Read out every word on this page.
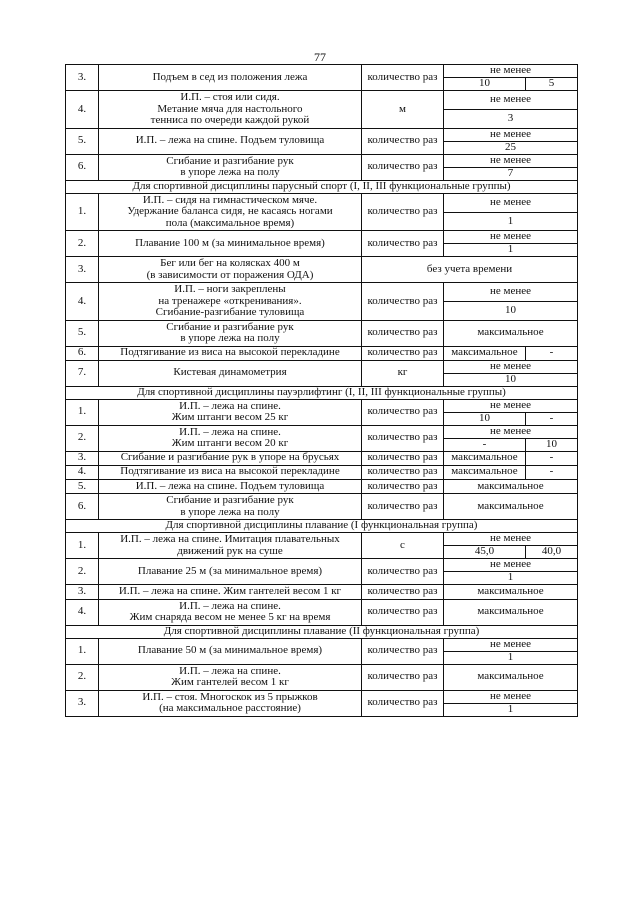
77
3.	Подъем в сед из положения лежа	количество раз	не менее	
			10	5
4.	И.П. – стоя или сидя.
Метание мяча для настольного
тенниса по очереди каждой рукой	м	не менее	
			3	
5.	И.П. – лежа на спине. Подъем туловища	количество раз	не менее	
			25	
6.	Сгибание и разгибание рук
в упоре лежа на полу	количество раз	не менее	
			7	
Для спортивной дисциплины парусный спорт (I, II, III функциональные группы)				
1.	И.П. – сидя на гимнастическом мяче.
Удержание баланса сидя, не касаясь ногами
пола (максимальное время)	количество раз	не менее	
			1	
2.	Плавание 100 м (за минимальное время)	количество раз	не менее	
			1	
3.	Бег или бег на колясках 400 м
(в зависимости от поражения ОДА)	без учета времени		
4.	И.П. – ноги закреплены
на тренажере «откренивания».
Сгибание-разгибание туловища	количество раз	не менее	
			10	
5.	Сгибание и разгибание рук
в упоре лежа на полу	количество раз	максимальное	
6.	Подтягивание из виса на высокой перекладине	количество раз	максимальное	-
7.	Кистевая динамометрия	кг	не менее	
			10	
Для спортивной дисциплины пауэрлифтинг (I, II, III функциональные группы)				
1.	И.П. – лежа на спине.
Жим штанги весом 25 кг	количество раз	не менее	
			10	-
2.	И.П. – лежа на спине.
Жим штанги весом 20 кг	количество раз	не менее	
			-	10
3.	Сгибание и разгибание рук в упоре на брусьях	количество раз	максимальное	-
4.	Подтягивание из виса на высокой перекладине	количество раз	максимальное	-
5.	И.П. – лежа на спине. Подъем туловища	количество раз	максимальное	
6.	Сгибание и разгибание рук
в упоре лежа на полу	количество раз	максимальное	
Для спортивной дисциплины плавание (I функциональная группа)				
1.	И.П. – лежа на спине. Имитация плавательных
движений рук на суше	с	не менее	
			45,0	40,0
2.	Плавание 25 м (за минимальное время)	количество раз	не менее	
			1	
3.	И.П. – лежа на спине. Жим гантелей весом 1 кг	количество раз	максимальное	
4.	И.П. – лежа на спине.
Жим снаряда весом не менее 5 кг на время	количество раз	максимальное	
Для спортивной дисциплины плавание (II функциональная группа)				
1.	Плавание 50 м (за минимальное время)	количество раз	не менее	
			1	
2.	И.П. – лежа на спине.
Жим гантелей весом 1 кг	количество раз	максимальное	
3.	И.П. – стоя. Многоскок из 5 прыжков
(на максимальное расстояние)	количество раз	не менее	
			1	
